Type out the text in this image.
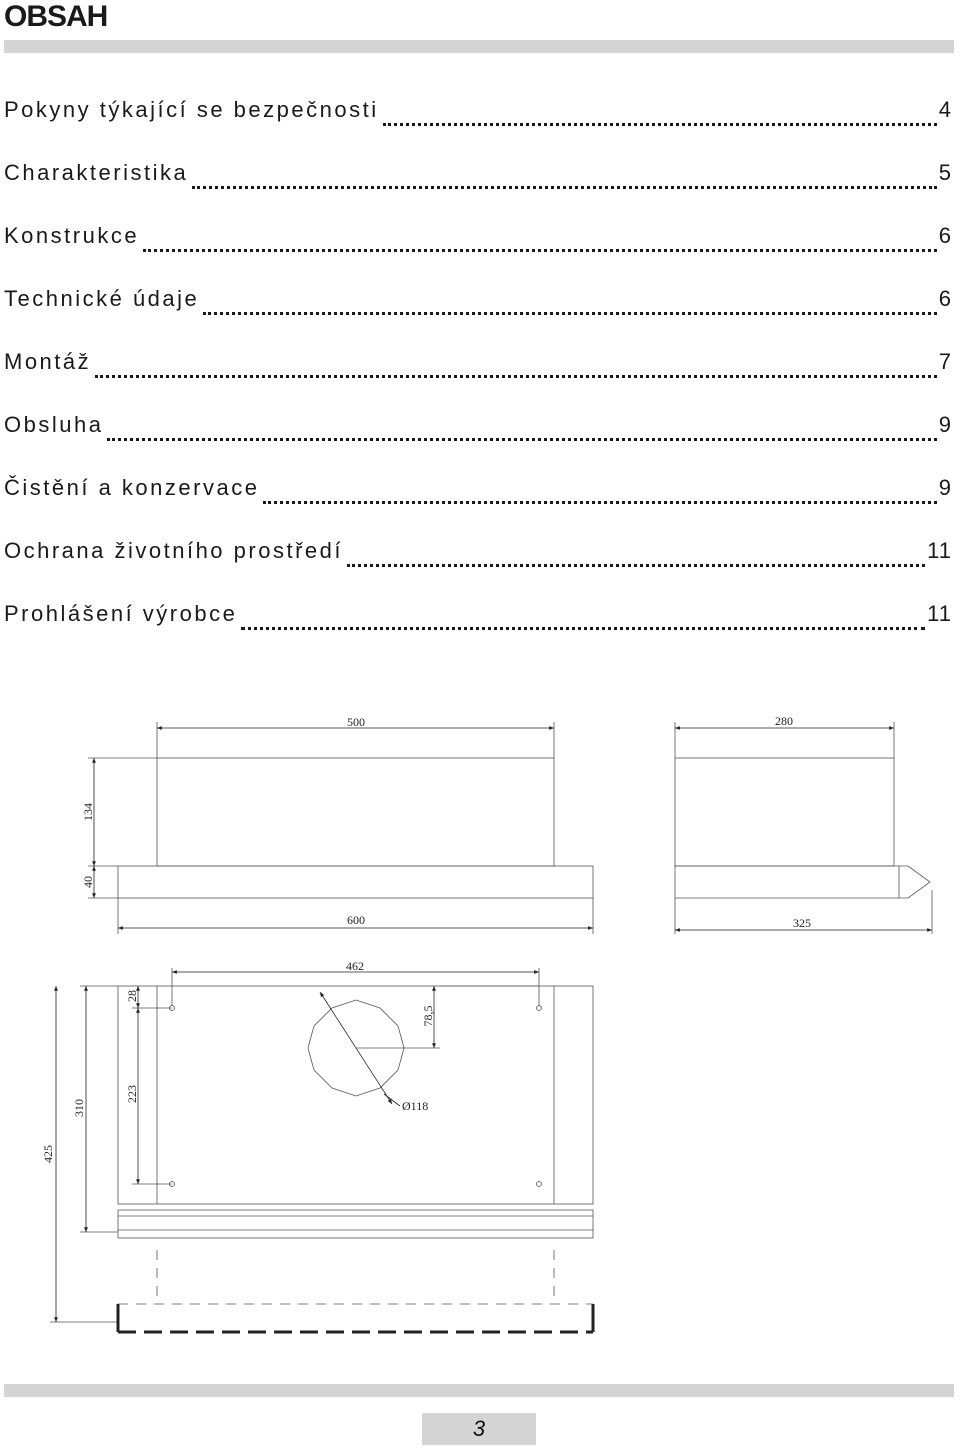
OBSAH
Pokyny týkající se bezpečnosti	4
Charakteristika	5
Konstrukce	6
Technické údaje	6
Montáž	7
Obsluha	9
Čistění a konzervace	9
Ochrana životního prostředí	11
Prohlášení výrobce	11
500	280
134
40
600	325
462
28
78,5
Ø118
223
310
425
3
